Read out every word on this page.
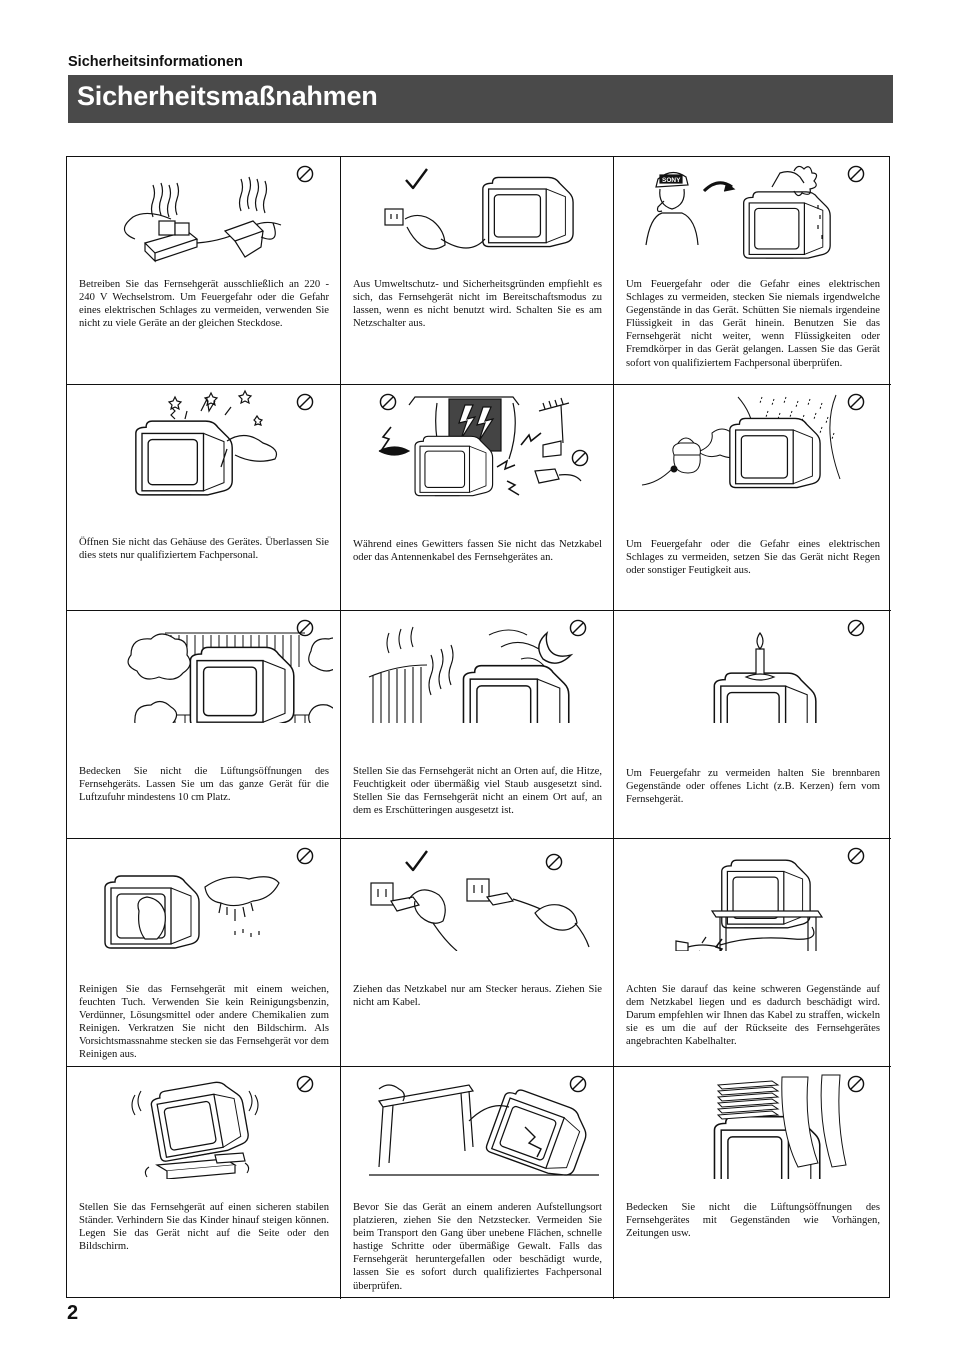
Sicherheitsinformationen
Sicherheitsmaßnahmen
Betreiben Sie das Fernsehgerät ausschließlich an 220 - 240 V Wechselstrom. Um Feuergefahr oder die Gefahr eines elektrischen Schlages zu vermeiden, verwenden Sie nicht zu viele Geräte an der gleichen Steckdose.
Aus Umweltschutz- und Sicherheitsgründen empfiehlt es sich, das Fernsehgerät nicht im Bereitschaftsmodus zu lassen, wenn es nicht benutzt wird. Schalten Sie es am Netzschalter aus.
SONY
Um Feuergefahr oder die Gefahr eines elektrischen Schlages zu vermeiden, stecken Sie niemals irgendwelche Gegenstände in das Gerät. Schütten Sie niemals irgendeine Flüssigkeit in das Gerät hinein. Benutzen Sie das Fernsehgerät nicht weiter, wenn Flüssigkeiten oder Fremdkörper in das Gerät gelangen. Lassen Sie das Gerät sofort von qualifiziertem Fachpersonal überprüfen.
Öffnen Sie nicht das Gehäuse des Gerätes. Überlassen Sie dies stets nur qualifiziertem Fachpersonal.
Während eines Gewitters fassen Sie nicht das Netzkabel oder das Antennenkabel des Fernsehgerätes an.
Um Feuergefahr oder die Gefahr eines elektrischen Schlages zu vermeiden, setzen Sie das Gerät nicht Regen oder sonstiger Feutigkeit aus.
Bedecken Sie nicht die Lüftungsöffnungen des Fernsehgeräts. Lassen Sie um das ganze Gerät für die Luftzufuhr mindestens 10 cm Platz.
Stellen Sie das Fernsehgerät nicht an Orten auf, die Hitze, Feuchtigkeit oder übermäßig viel Staub ausgesetzt sind. Stellen Sie das Fernsehgerät nicht an einem Ort auf, an dem es Erschütteringen ausgesetzt ist.
Um Feuergefahr zu vermeiden halten Sie brennbaren Gegenstände oder offenes Licht (z.B. Kerzen) fern vom Fernsehgerät.
Reinigen Sie das Fernsehgerät mit einem weichen, feuchten Tuch. Verwenden Sie kein Reinigungsbenzin, Verdünner, Lösungsmittel oder andere Chemikalien zum Reinigen. Verkratzen Sie nicht den Bildschirm. Als Vorsichtsmassnahme stecken sie das Fernsehgerät vor dem Reinigen aus.
Ziehen das Netzkabel nur am Stecker heraus. Ziehen Sie nicht am Kabel.
Achten Sie darauf das keine schweren Gegenstände auf dem Netzkabel liegen und es dadurch beschädigt wird. Darum empfehlen wir Ihnen das Kabel zu straffen, wickeln sie es um die auf der Rückseite des Fernsehgerätes angebrachten Kabelhalter.
Stellen Sie das Fernsehgerät auf einen sicheren stabilen Ständer. Verhindern Sie das Kinder hinauf steigen können. Legen Sie das Gerät nicht auf die Seite oder den Bildschirm.
Bevor Sie das Gerät an einem anderen Aufstellungsort platzieren, ziehen Sie den Netzstecker. Vermeiden Sie beim Transport den Gang über unebene Flächen, schnelle hastige Schritte oder übermäßige Gewalt. Falls das Fernsehgerät heruntergefallen oder beschädigt wurde, lassen Sie es sofort durch qualifiziertes Fachpersonal überprüfen.
Bedecken Sie nicht die Lüftungsöffnungen des Fernsehgerätes mit Gegenständen wie Vorhängen, Zeitungen usw.
2
